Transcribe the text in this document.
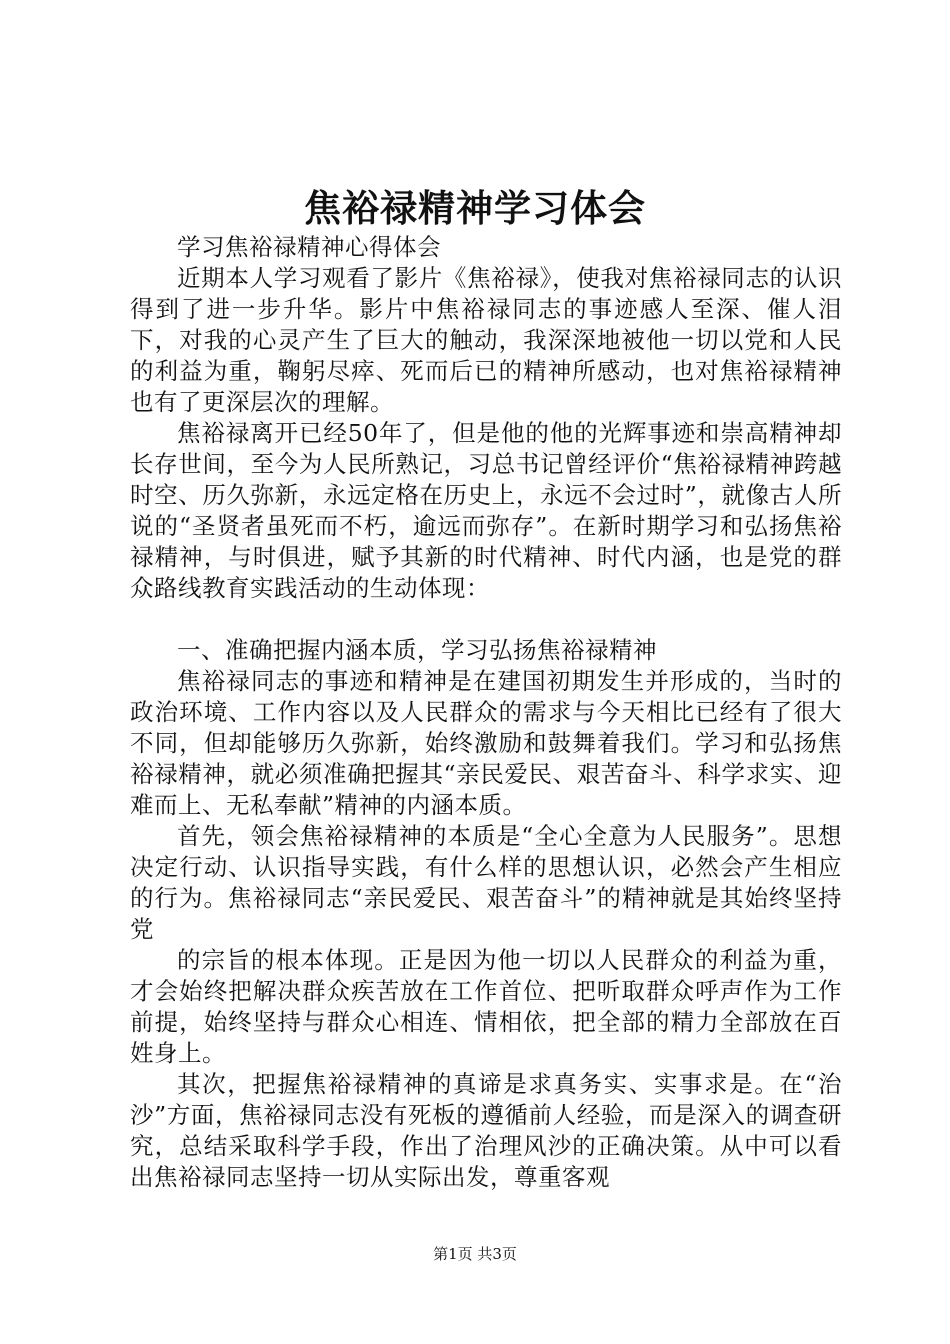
焦裕禄精神学习体会

学习焦裕禄精神心得体会

近期本人学习观看了影片《焦裕禄》，使我对焦裕禄同志的认识得到了进一步升华。影片中焦裕禄同志的事迹感人至深、催人泪下，对我的心灵产生了巨大的触动，我深深地被他一切以党和人民的利益为重，鞠躬尽瘁、死而后已的精神所感动，也对焦裕禄精神也有了更深层次的理解。

焦裕禄离开已经50年了，但是他的他的光辉事迹和崇高精神却长存世间，至今为人民所熟记，习总书记曾经评价“焦裕禄精神跨越时空、历久弥新，永远定格在历史上，永远不会过时”，就像古人所说的“圣贤者虽死而不朽，逾远而弥存”。在新时期学习和弘扬焦裕禄精神，与时俱进，赋予其新的时代精神、时代内涵，也是党的群众路线教育实践活动的生动体现：

一、准确把握内涵本质，学习弘扬焦裕禄精神

焦裕禄同志的事迹和精神是在建国初期发生并形成的，当时的政治环境、工作内容以及人民群众的需求与今天相比已经有了很大不同，但却能够历久弥新，始终激励和鼓舞着我们。学习和弘扬焦裕禄精神，就必须准确把握其“亲民爱民、艰苦奋斗、科学求实、迎难而上、无私奉献”精神的内涵本质。

首先，领会焦裕禄精神的本质是“全心全意为人民服务”。思想决定行动、认识指导实践，有什么样的思想认识，必然会产生相应的行为。焦裕禄同志“亲民爱民、艰苦奋斗”的精神就是其始终坚持党

的宗旨的根本体现。正是因为他一切以人民群众的利益为重，才会始终把解决群众疾苦放在工作首位、把听取群众呼声作为工作前提，始终坚持与群众心相连、情相依，把全部的精力全部放在百姓身上。

其次，把握焦裕禄精神的真谛是求真务实、实事求是。在“治沙”方面，焦裕禄同志没有死板的遵循前人经验，而是深入的调查研究，总结采取科学手段，作出了治理风沙的正确决策。从中可以看出焦裕禄同志坚持一切从实际出发，尊重客观

第1页 共3页
